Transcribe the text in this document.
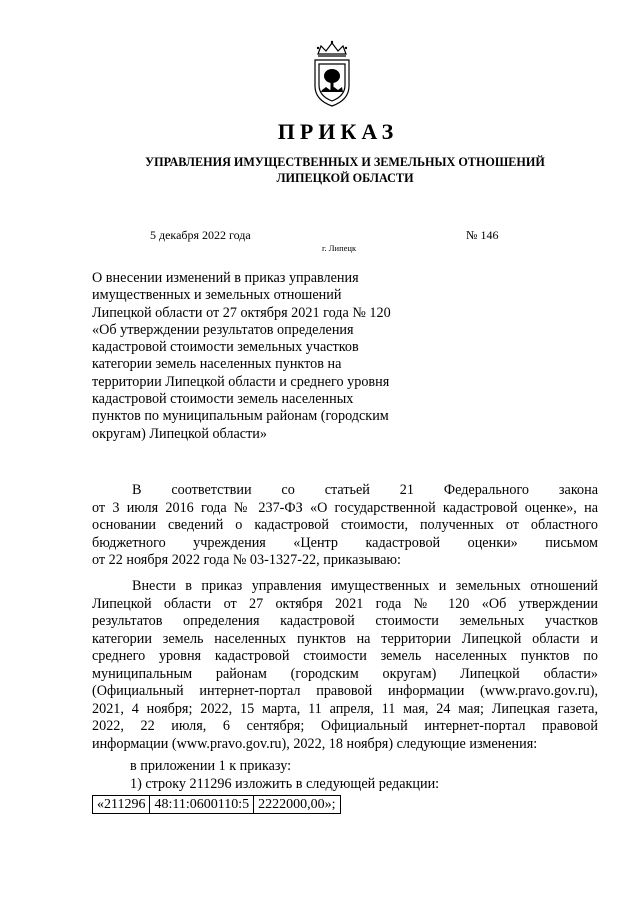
ПРИКАЗ
УПРАВЛЕНИЯ ИМУЩЕСТВЕННЫХ И ЗЕМЕЛЬНЫХ ОТНОШЕНИЙ
ЛИПЕЦКОЙ ОБЛАСТИ
5 декабря 2022 года	№ 146
г. Липецк
О внесении изменений в приказ управления
имущественных и земельных отношений
Липецкой области от 27 октября 2021 года № 120
«Об утверждении результатов определения
кадастровой стоимости земельных участков
категории земель населенных пунктов на
территории Липецкой области и среднего уровня
кадастровой стоимости земель населенных
пунктов по муниципальным районам (городским
округам) Липецкой области»
В соответствии со статьей 21 Федерального закона
от 3 июля 2016 года № 237-ФЗ «О государственной кадастровой оценке», на
основании сведений о кадастровой стоимости, полученных от областного
бюджетного учреждения «Центр кадастровой оценки» письмом
от 22 ноября 2022 года № 03-1327-22, приказываю:
Внести в приказ управления имущественных и земельных отношений
Липецкой области от 27 октября 2021 года № 120 «Об утверждении
результатов определения кадастровой стоимости земельных участков
категории земель населенных пунктов на территории Липецкой области и
среднего уровня кадастровой стоимости земель населенных пунктов по
муниципальным районам (городским округам) Липецкой области»
(Официальный интернет-портал правовой информации (www.pravo.gov.ru),
2021, 4 ноября; 2022, 15 марта, 11 апреля, 11 мая, 24 мая; Липецкая газета,
2022, 22 июля, 6 сентября; Официальный интернет-портал правовой
информации (www.pravo.gov.ru), 2022, 18 ноября) следующие изменения:
в приложении 1 к приказу:
1) строку 211296 изложить в следующей редакции:
«211296	48:11:0600110:5	2222000,00»;
